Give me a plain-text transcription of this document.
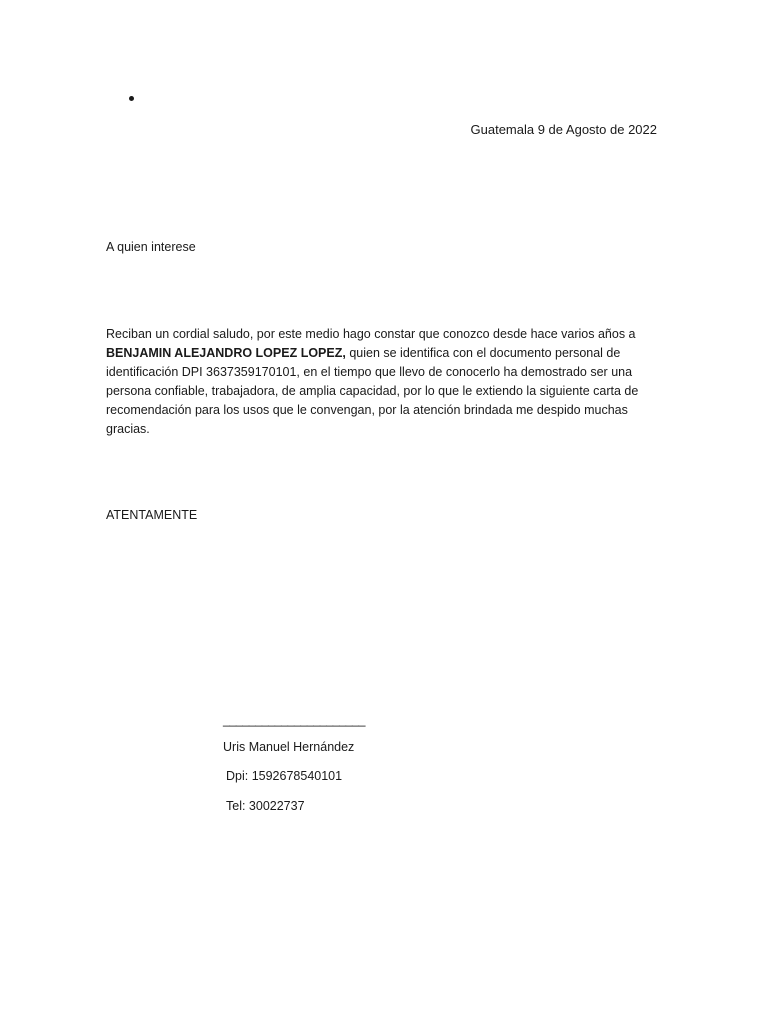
Guatemala 9 de Agosto de 2022
A quien interese
Reciban un cordial saludo, por este medio hago constar que conozco desde hace varios años a BENJAMIN ALEJANDRO LOPEZ LOPEZ, quien se identifica con el documento personal de identificación DPI 3637359170101, en el tiempo que llevo de conocerlo ha demostrado ser una persona confiable, trabajadora, de amplia capacidad, por lo que le extiendo la siguiente carta de recomendación para los usos que le convengan, por la atención brindada me despido muchas gracias.
ATENTAMENTE
______________________
Uris Manuel Hernández
Dpi: 1592678540101
Tel: 30022737
